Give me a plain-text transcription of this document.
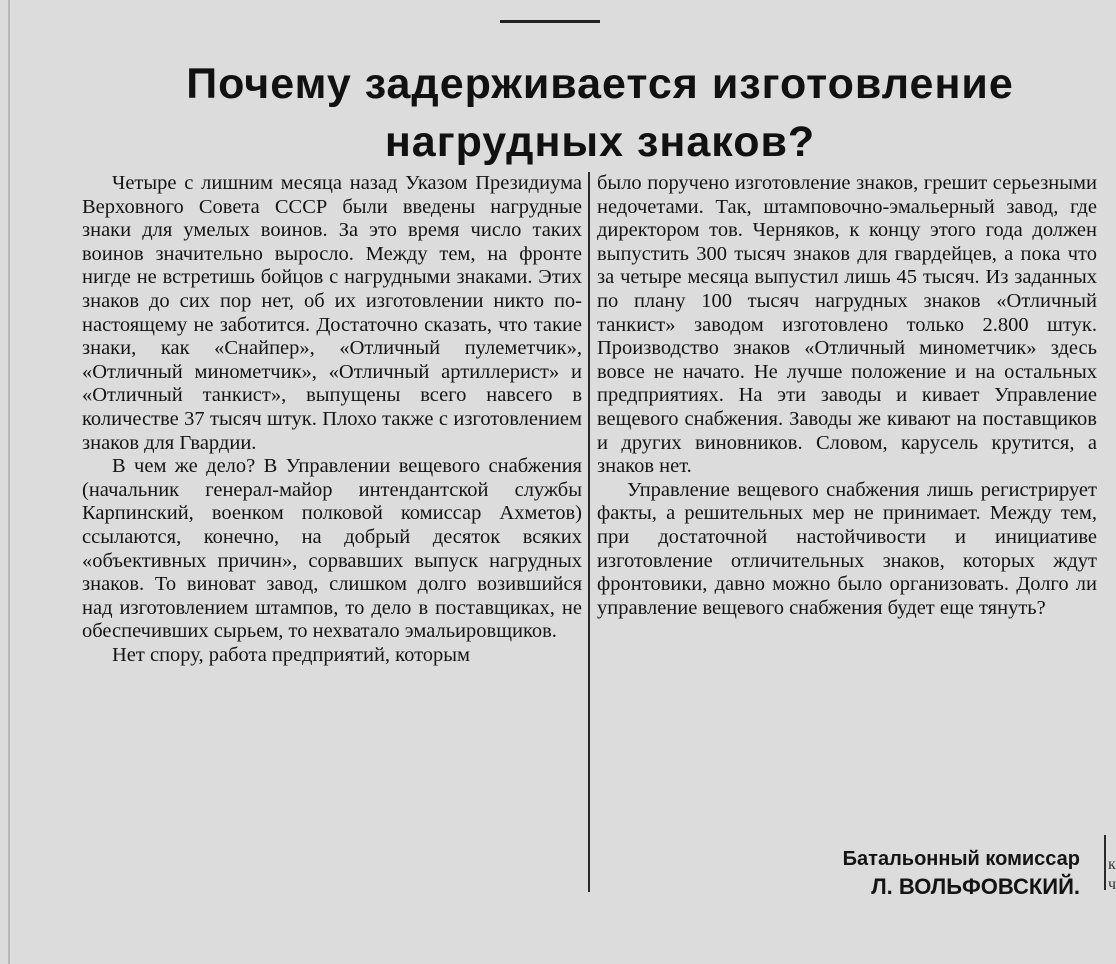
Почему задерживается изготовление
нагрудных знаков?

Четыре с лишним месяца назад Указом Президиума Верховного Совета СССР были введены нагрудные знаки для умелых воинов. За это время число таких воинов значительно выросло. Между тем, на фронте нигде не встретишь бойцов с нагрудными знаками. Этих знаков до сих пор нет, об их изготовлении никто по-настоящему не заботится. Достаточно сказать, что такие знаки, как «Снайпер», «Отличный пулеметчик», «Отличный минометчик», «Отличный артиллерист» и «Отличный танкист», выпущены всего навсего в количестве 37 тысяч штук. Плохо также с изготовлением знаков для Гвардии.

В чем же дело? В Управлении вещевого снабжения (начальник генерал-майор интендантской службы Карпинский, военком полковой комиссар Ахметов) ссылаются, конечно, на добрый десяток всяких «объективных причин», сорвавших выпуск нагрудных знаков. То виноват завод, слишком долго возившийся над изготовлением штампов, то дело в поставщиках, не обеспечивших сырьем, то нехватало эмальировщиков.

Нет спору, работа предприятий, которым

было поручено изготовление знаков, грешит серьезными недочетами. Так, штамповочно-эмальерный завод, где директором тов. Черняков, к концу этого года должен выпустить 300 тысяч знаков для гвардейцев, а пока что за четыре месяца выпустил лишь 45 тысяч. Из заданных по плану 100 тысяч нагрудных знаков «Отличный танкист» заводом изготовлено только 2.800 штук. Производство знаков «Отличный минометчик» здесь вовсе не начато. Не лучше положение и на остальных предприятиях. На эти заводы и кивает Управление вещевого снабжения. Заводы же кивают на поставщиков и других виновников. Словом, карусель крутится, а знаков нет.

Управление вещевого снабжения лишь регистрирует факты, а решительных мер не принимает. Между тем, при достаточной настойчивости и инициативе изготовление отличительных знаков, которых ждут фронтовики, давно можно было организовать. Долго ли управление вещевого снабжения будет еще тянуть?

Батальонный комиссар
Л. ВОЛЬФОВСКИЙ.
к
ч
